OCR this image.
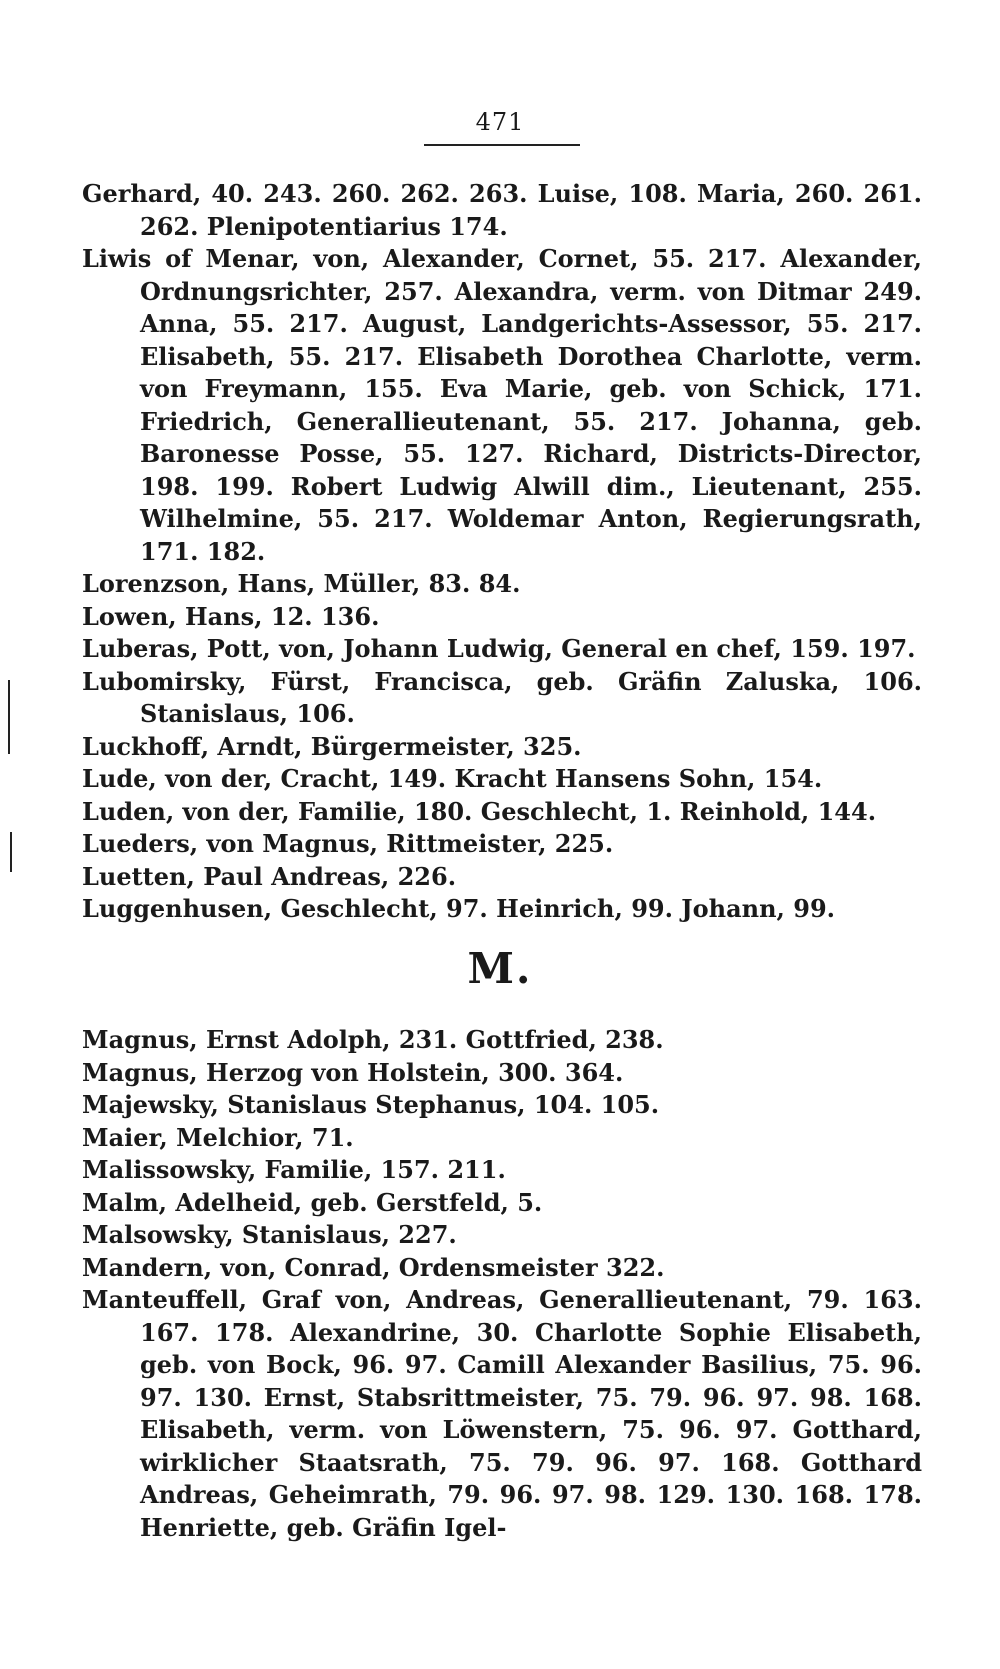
471

Gerhard, 40. 243. 260. 262. 263. Luise, 108. Maria, 260. 261. 262. Plenipotentiarius 174.

Liwis of Menar, von, Alexander, Cornet, 55. 217. Alexander, Ordnungsrichter, 257. Alexandra, verm. von Ditmar 249. Anna, 55. 217. August, Landgerichts-Assessor, 55. 217. Elisabeth, 55. 217. Elisabeth Dorothea Charlotte, verm. von Freymann, 155. Eva Marie, geb. von Schick, 171. Friedrich, Generallieutenant, 55. 217. Johanna, geb. Baronesse Posse, 55. 127. Richard, Districts-Director, 198. 199. Robert Ludwig Alwill dim., Lieutenant, 255. Wilhelmine, 55. 217. Woldemar Anton, Regierungsrath, 171. 182.

Lorenzson, Hans, Müller, 83. 84.

Lowen, Hans, 12. 136.

Luberas, Pott, von, Johann Ludwig, General en chef, 159. 197.

Lubomirsky, Fürst, Francisca, geb. Gräfin Zaluska, 106. Stanislaus, 106.

Luckhoff, Arndt, Bürgermeister, 325.

Lude, von der, Cracht, 149. Kracht Hansens Sohn, 154.

Luden, von der, Familie, 180. Geschlecht, 1. Reinhold, 144.

Lueders, von Magnus, Rittmeister, 225.

Luetten, Paul Andreas, 226.

Luggenhusen, Geschlecht, 97. Heinrich, 99. Johann, 99.

M.

Magnus, Ernst Adolph, 231. Gottfried, 238.

Magnus, Herzog von Holstein, 300. 364.

Majewsky, Stanislaus Stephanus, 104. 105.

Maier, Melchior, 71.

Malissowsky, Familie, 157. 211.

Malm, Adelheid, geb. Gerstfeld, 5.

Malsowsky, Stanislaus, 227.

Mandern, von, Conrad, Ordensmeister 322.

Manteuffell, Graf von, Andreas, Generallieutenant, 79. 163. 167. 178. Alexandrine, 30. Charlotte Sophie Elisabeth, geb. von Bock, 96. 97. Camill Alexander Basilius, 75. 96. 97. 130. Ernst, Stabsrittmeister, 75. 79. 96. 97. 98. 168. Elisabeth, verm. von Löwenstern, 75. 96. 97. Gotthard, wirklicher Staatsrath, 75. 79. 96. 97. 168. Gotthard Andreas, Geheimrath, 79. 96. 97. 98. 129. 130. 168. 178. Henriette, geb. Gräfin Igel-
